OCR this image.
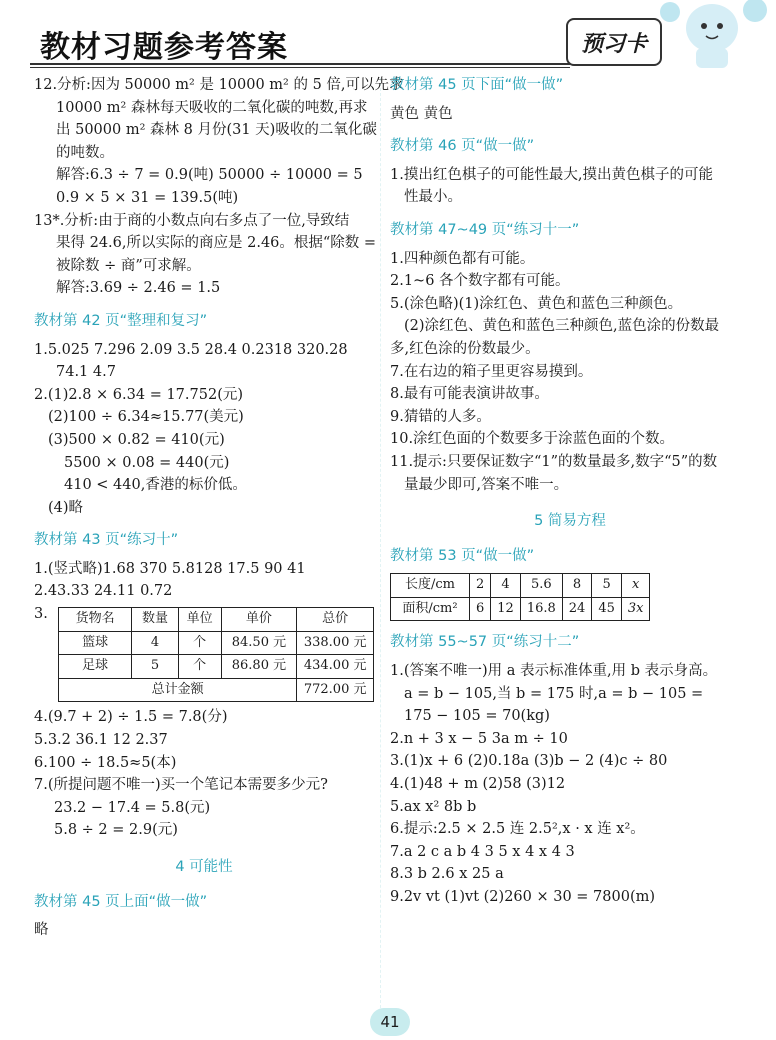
教材习题参考答案	预习卡
12.分析:因为 50000 m² 是 10000 m² 的 5 倍,可以先求
10000 m² 森林每天吸收的二氧化碳的吨数,再求
出 50000 m² 森林 8 月份(31 天)吸收的二氧化碳
的吨数。
解答:6.3 ÷ 7 = 0.9(吨) 50000 ÷ 10000 = 5
0.9 × 5 × 31 = 139.5(吨)
13*.分析:由于商的小数点向右多点了一位,导致结
果得 24.6,所以实际的商应是 2.46。根据“除数 =
被除数 ÷ 商”可求解。
解答:3.69 ÷ 2.46 = 1.5
教材第 42 页“整理和复习”
1.5.025 7.296 2.09 3.5 28.4 0.2318 320.28
74.1 4.7
2.(1)2.8 × 6.34 = 17.752(元)
(2)100 ÷ 6.34≈15.77(美元)
(3)500 × 0.82 = 410(元)
5500 × 0.08 = 440(元)
410 < 440,香港的标价低。
(4)略
教材第 43 页“练习十”
1.(竖式略)1.68 370 5.8128 17.5 90 41
2.43.33 24.11 0.72
3. 货物名	数量	单位	单价	总价
篮球	4	个	84.50 元	338.00 元
足球	5	个	86.80 元	434.00 元
总计金额				772.00 元
4.(9.7 + 2) ÷ 1.5 = 7.8(分)
5.3.2 36.1 12 2.37
6.100 ÷ 18.5≈5(本)
7.(所提问题不唯一)买一个笔记本需要多少元?
23.2 − 17.4 = 5.8(元)
5.8 ÷ 2 = 2.9(元)
4 可能性
教材第 45 页上面“做一做”
略
教材第 45 页下面“做一做”
黄色 黄色
教材第 46 页“做一做”
1.摸出红色棋子的可能性最大,摸出黄色棋子的可能
性最小。
教材第 47~49 页“练习十一”
1.四种颜色都有可能。
2.1~6 各个数字都有可能。
5.(涂色略)(1)涂红色、黄色和蓝色三种颜色。
(2)涂红色、黄色和蓝色三种颜色,蓝色涂的份数最
多,红色涂的份数最少。
7.在右边的箱子里更容易摸到。
8.最有可能表演讲故事。
9.猜错的人多。
10.涂红色面的个数要多于涂蓝色面的个数。
11.提示:只要保证数字“1”的数量最多,数字“5”的数
量最少即可,答案不唯一。
5 简易方程
教材第 53 页“做一做”
长度/cm	2	4	5.6	8	5	x
面积/cm²	6	12	16.8	24	45	3x
教材第 55~57 页“练习十二”
1.(答案不唯一)用 a 表示标准体重,用 b 表示身高。
a = b − 105,当 b = 175 时,a = b − 105 =
175 − 105 = 70(kg)
2.n + 3 x − 5 3a m ÷ 10
3.(1)x + 6 (2)0.18a (3)b − 2 (4)c ÷ 80
4.(1)48 + m (2)58 (3)12
5.ax x² 8b b
6.提示:2.5 × 2.5 连 2.5²,x · x 连 x²。
7.a 2 c a b 4 3 5 x 4 x 4 3
8.3 b 2.6 x 25 a
9.2v vt (1)vt (2)260 × 30 = 7800(m)
41
